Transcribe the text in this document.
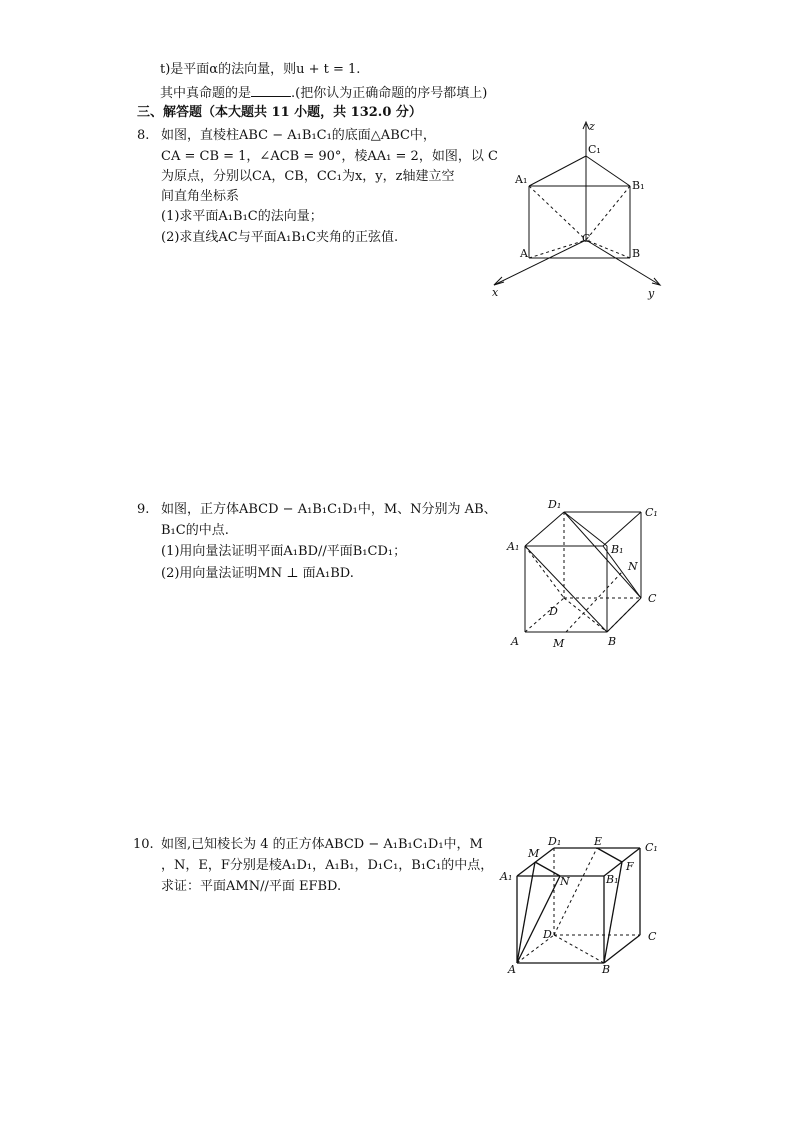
t)是平面α的法向量，则u + t = 1.
其中真命题的是	.(把你认为正确命题的序号都填上)
三、解答题（本大题共 11 小题，共 132.0 分）
8. 如图，直棱柱ABC − A₁B₁C₁的底面△ABC中，
CA = CB = 1，∠ACB = 90°，棱AA₁ = 2，如图，以 C
为原点，分别以CA，CB，CC₁为x，y，z轴建立空
间直角坐标系
(1)求平面A₁B₁C的法向量；
(2)求直线AC与平面A₁B₁C夹角的正弦值.
z
x	y
C₁
A₁	B₁
A	B
C
9. 如图，正方体ABCD − A₁B₁C₁D₁中，M、N分别为 AB、
B₁C的中点.
(1)用向量法证明平面A₁BD//平面B₁CD₁；
(2)用向量法证明MN ⊥ 面A₁BD.
D₁
C₁
A₁	B₁
N
D
C
A	M	B
10. 如图,已知棱长为 4 的正方体ABCD − A₁B₁C₁D₁中，M
，N，E，F分别是棱A₁D₁，A₁B₁，D₁C₁，B₁C₁的中点，
求证：平面AMN//平面 EFBD.
M
D₁	E	C₁
A₁	N	B₁
F
D	C
A	B
